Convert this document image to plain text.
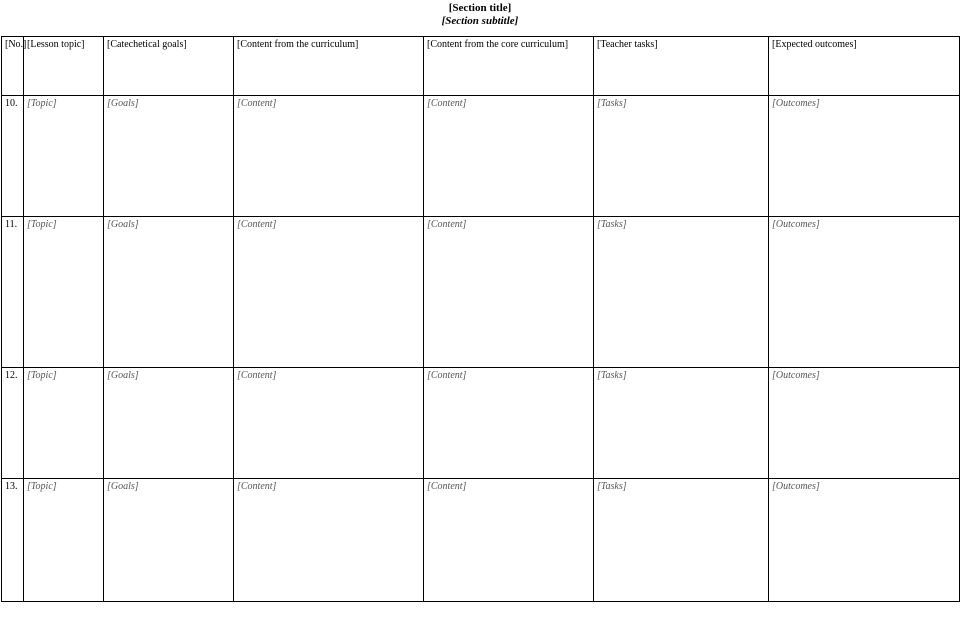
[Section title]
[Section subtitle]
[No.]	[Lesson topic]	[Catechetical goals]	[Content from the curriculum]	[Content from the core curriculum]	[Teacher tasks]	[Expected outcomes]
10.	[Topic]	[Goals]	[Content]	[Content]	[Tasks]	[Outcomes]
11.	[Topic]	[Goals]	[Content]	[Content]	[Tasks]	[Outcomes]
12.	[Topic]	[Goals]	[Content]	[Content]	[Tasks]	[Outcomes]
13.	[Topic]	[Goals]	[Content]	[Content]	[Tasks]	[Outcomes]
